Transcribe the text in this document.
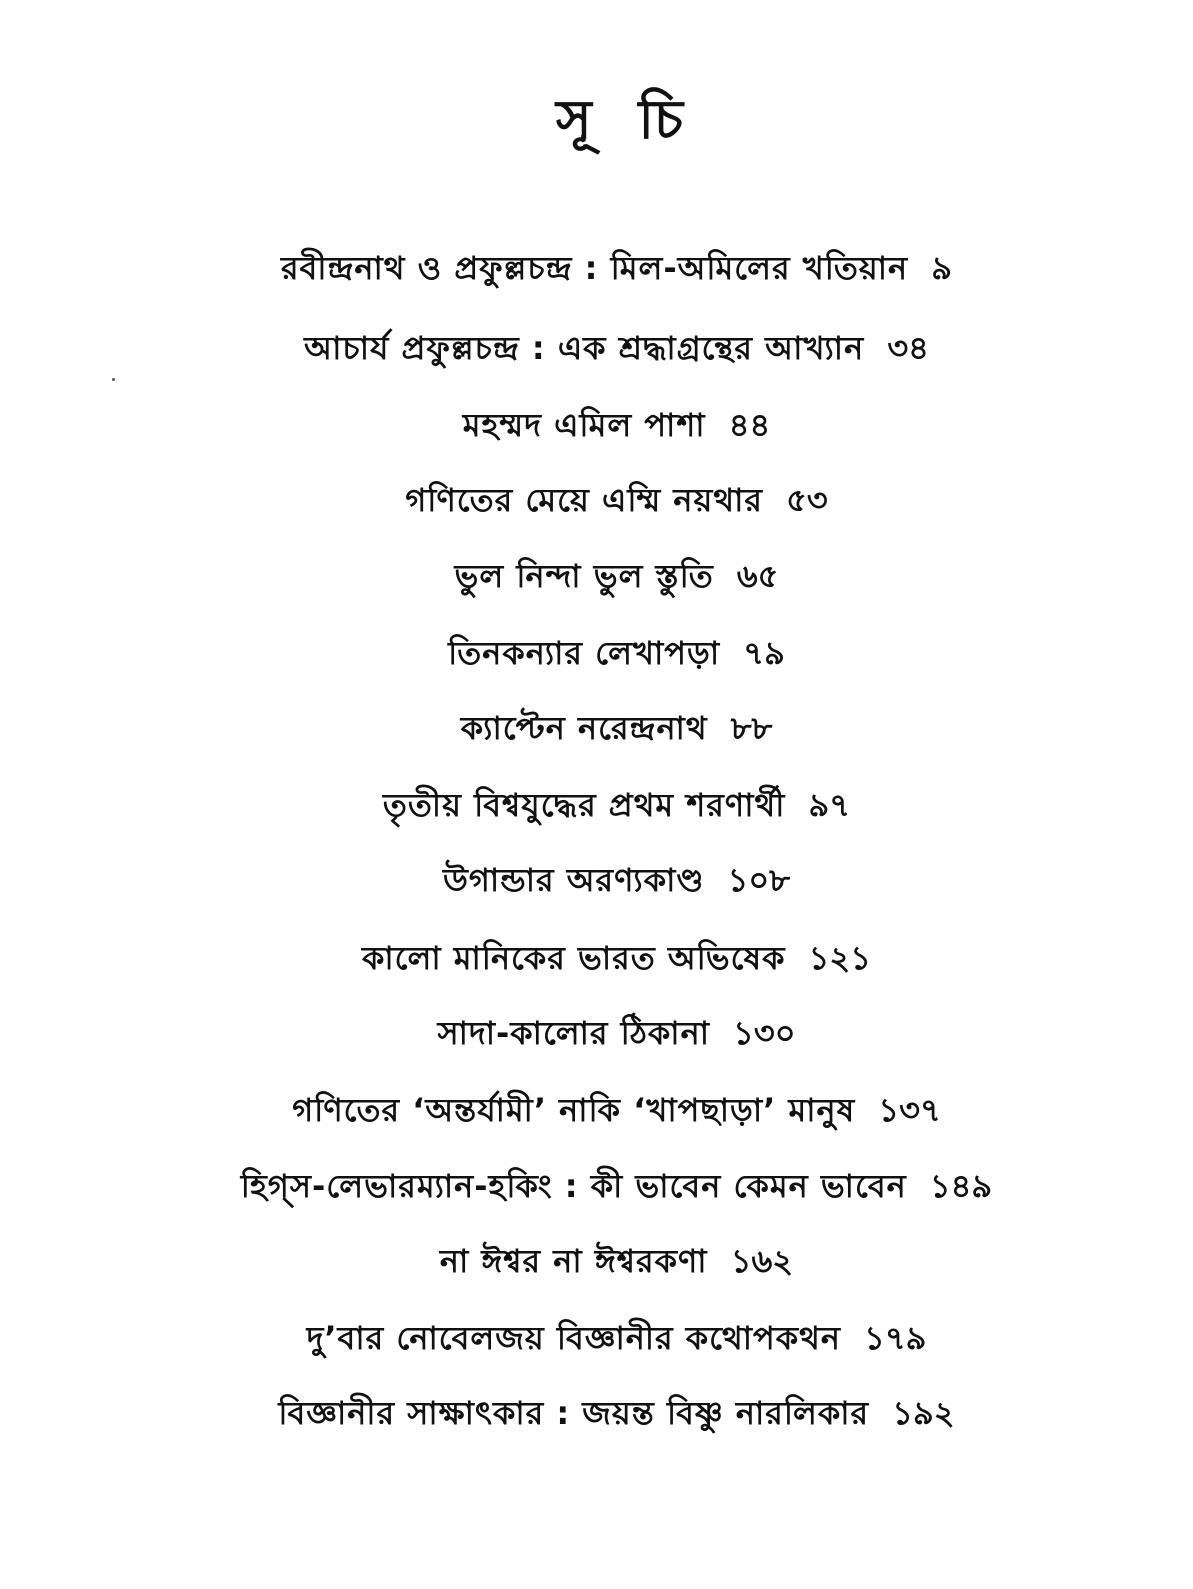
সূ চি
রবীন্দ্রনাথ ও প্রফুল্লচন্দ্র : মিল-অমিলের খতিয়ান ৯
আচার্য প্রফুল্লচন্দ্র : এক শ্রদ্ধাগ্রন্থের আখ্যান ৩৪
মহম্মদ এমিল পাশা ৪৪
গণিতের মেয়ে এম্মি নয়থার ৫৩
ভুল নিন্দা ভুল স্তুতি ৬৫
তিনকন্যার লেখাপড়া ৭৯
ক্যাপ্টেন নরেন্দ্রনাথ ৮৮
তৃতীয় বিশ্বযুদ্ধের প্রথম শরণার্থী ৯৭
উগান্ডার অরণ্যকাণ্ড ১০৮
কালো মানিকের ভারত অভিষেক ১২১
সাদা-কালোর ঠিকানা ১৩০
গণিতের ‘অন্তর্যামী’ নাকি ‘খাপছাড়া’ মানুষ ১৩৭
হিগ্‌স-লেভারম্যান-হকিং : কী ভাবেন কেমন ভাবেন ১৪৯
না ঈশ্বর না ঈশ্বরকণা ১৬২
দু’বার নোবেলজয় বিজ্ঞানীর কথোপকথন ১৭৯
বিজ্ঞানীর সাক্ষাৎকার : জয়ন্ত বিষ্ণু নারলিকার ১৯২
